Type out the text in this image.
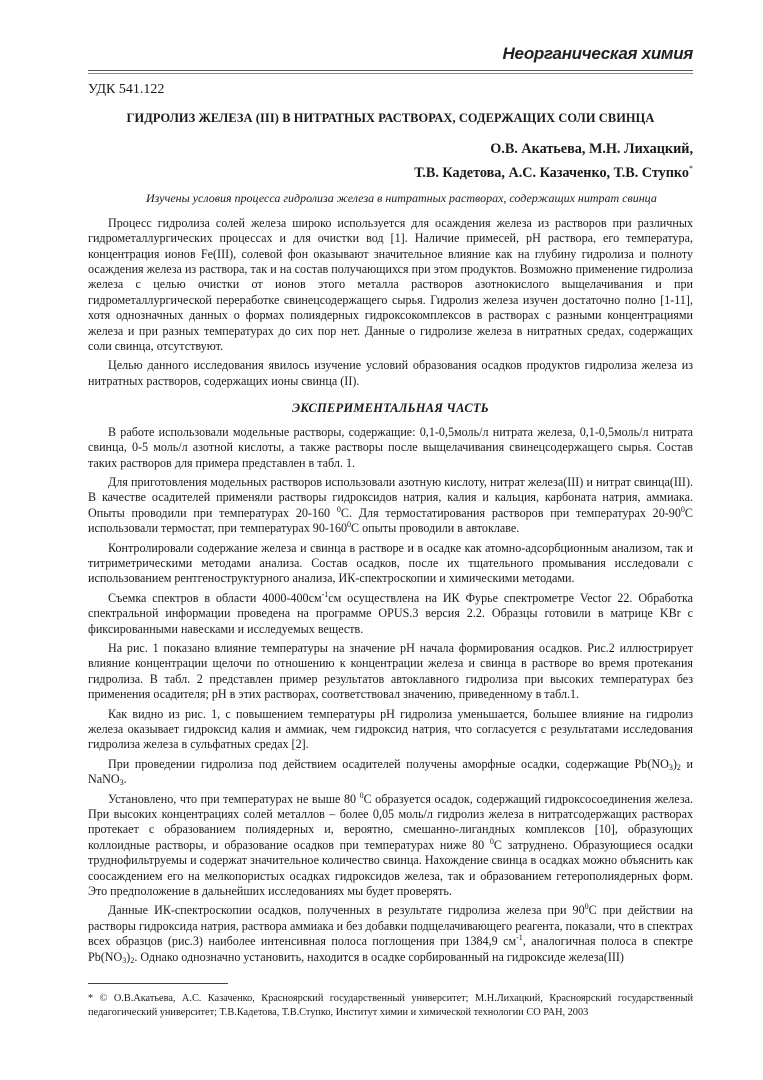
Неорганическая химия
УДК 541.122
ГИДРОЛИЗ ЖЕЛЕЗА (III) В НИТРАТНЫХ РАСТВОРАХ, СОДЕРЖАЩИХ СОЛИ СВИНЦА
О.В. Акатьева, М.Н. Лихацкий,
Т.В. Кадетова, А.С. Казаченко, Т.В. Ступко*
Изучены условия процесса гидролиза железа в нитратных растворах, содержащих нитрат свинца

Процесс гидролиза солей железа широко используется для осаждения железа из растворов при различных гидрометаллургических процессах и для очистки вод [1]. Наличие примесей, pH раствора, его температура, концентрация ионов Fe(III), солевой фон оказывают значительное влияние как на глубину гидролиза и полноту осаждения железа из раствора, так и на состав получающихся при этом продуктов. Возможно применение гидролиза железа с целью очистки от ионов этого металла растворов азотнокислого выщелачивания и при гидрометаллургической переработке свинецсодержащего сырья. Гидролиз железа изучен достаточно полно [1-11], хотя однозначных данных о формах полиядерных гидроксокомплексов в растворах с разными концентрациями железа и при разных температурах до сих пор нет. Данные о гидролизе железа в нитратных средах, содержащих соли свинца, отсутствуют.

Целью данного исследования явилось изучение условий образования осадков продуктов гидролиза железа из нитратных растворов, содержащих ионы свинца (II).

ЭКСПЕРИМЕНТАЛЬНАЯ ЧАСТЬ

В работе использовали модельные растворы, содержащие: 0,1-0,5моль/л нитрата железа, 0,1-0,5моль/л нитрата свинца, 0-5 моль/л азотной кислоты, а также растворы после выщелачивания свинецсодержащего сырья. Состав таких растворов для примера представлен в табл. 1.

Для приготовления модельных растворов использовали азотную кислоту, нитрат железа(III) и нитрат свинца(III). В качестве осадителей применяли растворы гидроксидов натрия, калия и кальция, карбоната натрия, аммиака. Опыты проводили при температурах 20-160 $^0$С. Для термостатирования растворов при температурах $20-90^0С$ использовали термостат, при температурах $90-160^0С$ опыты проводили в автоклаве.

Контролировали содержание железа и свинца в растворе и в осадке как атомно-адсорбционным анализом, так и титриметрическими методами анализа. Состав осадков, после их тщательного промывания исследовали с использованием рентгеноструктурного анализа, ИК-спектроскопии и химическими методами.

Съемка спектров в области $4000-400см^{-1}см$ осуществлена на ИК Фурье спектрометре Vector 22. Обработка спектральной информации проведена на программе OPUS.3 версия 2.2. Образцы готовили в матрице KBr с фиксированными навесками и исследуемых веществ.

На рис. 1 показано влияние температуры на значение pH начала формирования осадков. Рис.2 иллюстрирует влияние концентрации щелочи по отношению к концентрации железа и свинца в растворе во время протекания гидролиза. В табл. 2 представлен пример результатов автоклавного гидролиза при высоких температурах без применения осадителя; pH в этих растворах, соответствовал значению, приведенному в табл.1.

Как видно из рис. 1, с повышением температуры pH гидролиза уменьшается, большее влияние на гидролиз железа оказывает гидроксид калия и аммиак, чем гидроксид натрия, что согласуется с результатами исследования гидролиза железа в сульфатных средах [2].

При проведении гидролиза под действием осадителей получены аморфные осадки, содержащие $Pb(NO_3)_2$ и NaNO$_3$.

Установлено, что при температурах не выше 80 $^0$С образуется осадок, содержащий гидроксосоединения железа. При высоких концентрациях солей металлов – более 0,05 моль/л гидролиз железа в нитратсодержащих растворах протекает с образованием полиядерных и, вероятно, смешанно-лигандных комплексов [10], образующих коллоидные растворы, и образование осадков при температурах ниже 80 $^0$С затруднено. Образующиеся осадки труднофильтруемы и содержат значительное количество свинца. Нахождение свинца в осадках можно объяснить как соосаждением его на мелкопористых осадках гидроксидов железа, так и образованием гетерополиядерных форм. Это предположение в дальнейших исследованиях мы будет проверять.

Данные ИК-спектроскопии осадков, полученных в результате гидролиза железа при $90^0С$ при действии на растворы гидроксида натрия, раствора аммиака и без добавки подщелачивающего реагента, показали, что в спектрах всех образцов (рис.3) наиболее интенсивная полоса поглощения при 1384,9 $см^{-1}$, аналогичная полоса в спектре $Pb(NO_3)_2$. Однако однозначно установить, находится в осадке сорбированный на гидроксиде железа(III)

* © О.В.Акатьева, А.С. Казаченко, Красноярский государственный университет; М.Н.Лихацкий, Красноярский государственный педагогический университет; Т.В.Кадетова, Т.В.Ступко, Институт химии и химической технологии СО РАН, 2003
